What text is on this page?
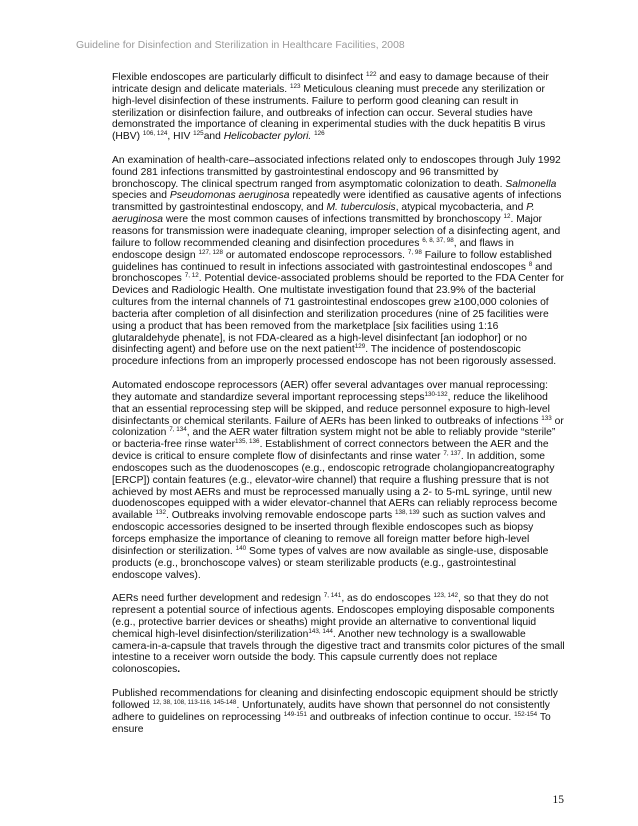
Guideline for Disinfection and Sterilization in Healthcare Facilities, 2008

Flexible endoscopes are particularly difficult to disinfect $^{122}$ and easy to damage because of their intricate design and delicate materials. $^{123}$ Meticulous cleaning must precede any sterilization or high-level disinfection of these instruments. Failure to perform good cleaning can result in sterilization or disinfection failure, and outbreaks of infection can occur. Several studies have demonstrated the importance of cleaning in experimental studies with the duck hepatitis B virus (HBV) $^{106, 124}$, HIV $^{125}$and Helicobacter pylori. $^{126}$

An examination of health-care–associated infections related only to endoscopes through July 1992 found 281 infections transmitted by gastrointestinal endoscopy and 96 transmitted by bronchoscopy. The clinical spectrum ranged from asymptomatic colonization to death. Salmonella species and Pseudomonas aeruginosa repeatedly were identified as causative agents of infections transmitted by gastrointestinal endoscopy, and M. tuberculosis, atypical mycobacteria, and P. aeruginosa were the most common causes of infections transmitted by bronchoscopy $^{12}$. Major reasons for transmission were inadequate cleaning, improper selection of a disinfecting agent, and failure to follow recommended cleaning and disinfection procedures $^{6, 8, 37, 98}$, and flaws in endoscope design $^{127, 128}$ or automated endoscope reprocessors. $^{7, 98}$ Failure to follow established guidelines has continued to result in infections associated with gastrointestinal endoscopes $^8$ and bronchoscopes $^{7, 12}$. Potential device-associated problems should be reported to the FDA Center for Devices and Radiologic Health. One multistate investigation found that 23.9% of the bacterial cultures from the internal channels of 71 gastrointestinal endoscopes grew ≥100,000 colonies of bacteria after completion of all disinfection and sterilization procedures (nine of 25 facilities were using a product that has been removed from the marketplace [six facilities using 1:16 glutaraldehyde phenate], is not FDA-cleared as a high-level disinfectant [an iodophor] or no disinfecting agent) and before use on the next patient$^{129}$. The incidence of postendoscopic procedure infections from an improperly processed endoscope has not been rigorously assessed.

Automated endoscope reprocessors (AER) offer several advantages over manual reprocessing: they automate and standardize several important reprocessing steps$^{130-132}$, reduce the likelihood that an essential reprocessing step will be skipped, and reduce personnel exposure to high-level disinfectants or chemical sterilants. Failure of AERs has been linked to outbreaks of infections $^{133}$ or colonization $^{7, 134}$, and the AER water filtration system might not be able to reliably provide “sterile” or bacteria-free rinse water$^{135, 136}$. Establishment of correct connectors between the AER and the device is critical to ensure complete flow of disinfectants and rinse water $^{7, 137}$. In addition, some endoscopes such as the duodenoscopes (e.g., endoscopic retrograde cholangiopancreatography [ERCP]) contain features (e.g., elevator-wire channel) that require a flushing pressure that is not achieved by most AERs and must be reprocessed manually using a 2- to 5-mL syringe, until new duodenoscopes equipped with a wider elevator-channel that AERs can reliably reprocess become available $^{132}$. Outbreaks involving removable endoscope parts $^{138, 139}$ such as suction valves and endoscopic accessories designed to be inserted through flexible endoscopes such as biopsy forceps emphasize the importance of cleaning to remove all foreign matter before high-level disinfection or sterilization. $^{140}$ Some types of valves are now available as single-use, disposable products (e.g., bronchoscope valves) or steam sterilizable products (e.g., gastrointestinal endoscope valves).

AERs need further development and redesign $^{7, 141}$, as do endoscopes $^{123, 142}$, so that they do not represent a potential source of infectious agents. Endoscopes employing disposable components (e.g., protective barrier devices or sheaths) might provide an alternative to conventional liquid chemical high-level disinfection/sterilization$^{143, 144}$. Another new technology is a swallowable camera-in-a-capsule that travels through the digestive tract and transmits color pictures of the small intestine to a receiver worn outside the body. This capsule currently does not replace colonoscopies.

Published recommendations for cleaning and disinfecting endoscopic equipment should be strictly followed $^{12, 38, 108, 113-116, 145-148}$. Unfortunately, audits have shown that personnel do not consistently adhere to guidelines on reprocessing $^{149-151}$ and outbreaks of infection continue to occur. $^{152-154}$ To ensure

15
